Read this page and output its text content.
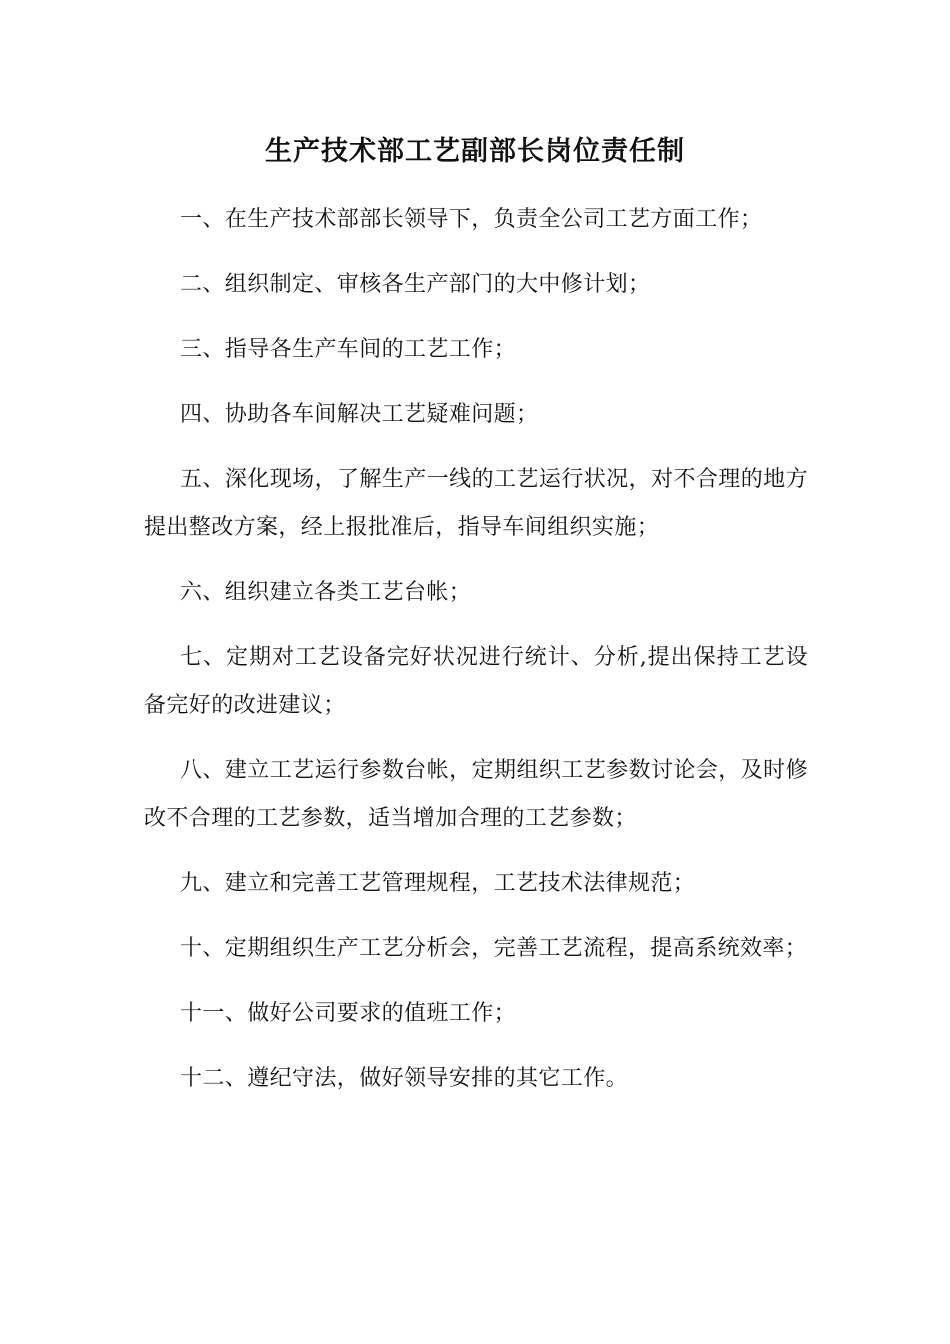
生产技术部工艺副部长岗位责任制

一、在生产技术部部长领导下，负责全公司工艺方面工作；

二、组织制定、审核各生产部门的大中修计划；

三、指导各生产车间的工艺工作；

四、协助各车间解决工艺疑难问题；

五、深化现场，了解生产一线的工艺运行状况，对不合理的地方提出整改方案，经上报批准后，指导车间组织实施；

六、组织建立各类工艺台帐；

七、定期对工艺设备完好状况进行统计、分析,提出保持工艺设备完好的改进建议；

八、建立工艺运行参数台帐，定期组织工艺参数讨论会，及时修改不合理的工艺参数，适当增加合理的工艺参数；

九、建立和完善工艺管理规程，工艺技术法律规范；

十、定期组织生产工艺分析会，完善工艺流程，提高系统效率；

十一、做好公司要求的值班工作；

十二、遵纪守法，做好领导安排的其它工作。
